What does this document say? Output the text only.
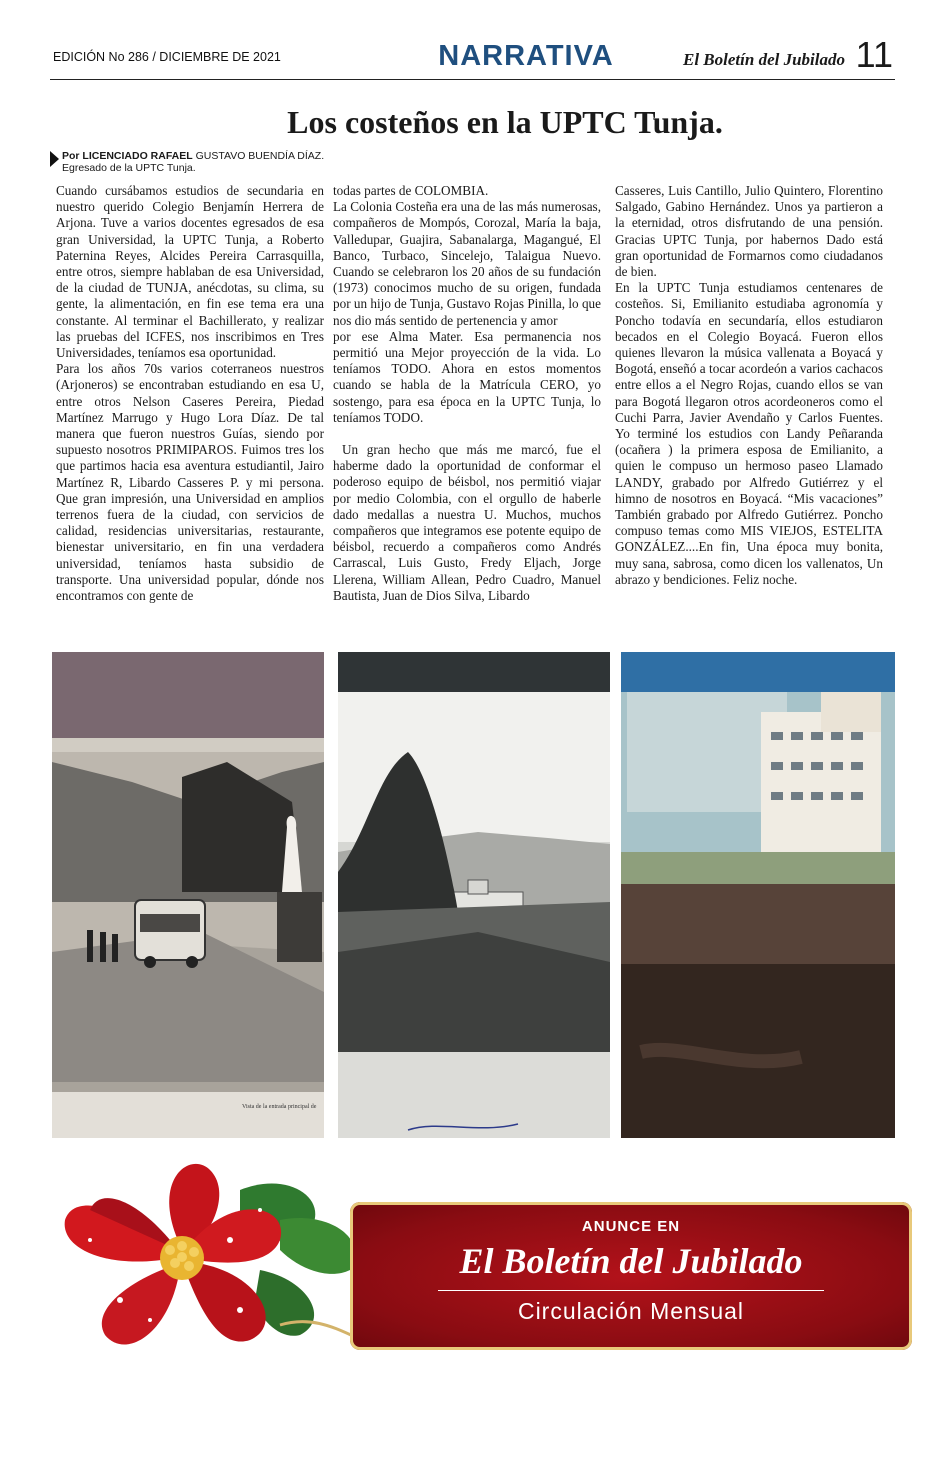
EDICIÓN No 286 / DICIEMBRE DE 2021	NARRATIVA	El Boletín del Jubilado 11
Los costeños en la UPTC Tunja.
Por LICENCIADO RAFAEL GUSTAVO BUENDÍA DÍAZ.
Egresado de la UPTC Tunja.

Cuando cursábamos estudios de secundaria en nuestro querido Colegio Benjamín Herrera de Arjona. Tuve a varios docentes egresados de esa gran Universidad, la UPTC Tunja, a Roberto Paternina Reyes, Alcides Pereira Carrasquilla, entre otros, siempre hablaban de esa Universidad, de la ciudad de TUNJA, anécdotas, su clima, su gente, la alimentación, en fin ese tema era una constante. Al terminar el Bachillerato, y realizar las pruebas del ICFES, nos inscribimos en Tres Universidades, teníamos esa oportunidad.

Para los años 70s varios coterraneos nuestros (Arjoneros) se encontraban estudiando en esa U, entre otros Nelson Caseres Pereira, Piedad Martínez Marrugo y Hugo Lora Díaz. De tal manera que fueron nuestros Guías, siendo por supuesto nosotros PRIMIPAROS. Fuimos tres los que partimos hacia esa aventura estudiantil, Jairo Martínez R, Libardo Casseres P. y mi persona. Que gran impresión, una Universidad en amplios terrenos fuera de la ciudad, con servicios de calidad, residencias universitarias, restaurante, bienestar universitario, en fin una verdadera universidad, teníamos hasta subsidio de transporte. Una universidad popular, dónde nos encontramos con gente de

todas partes de COLOMBIA.

La Colonia Costeña era una de las más numerosas, compañeros de Mompós, Corozal, María la baja, Valledupar, Guajira, Sabanalarga, Magangué, El Banco, Turbaco, Sincelejo, Talaigua Nuevo. Cuando se celebraron los 20 años de su fundación (1973) conocimos mucho de su origen, fundada por un hijo de Tunja, Gustavo Rojas Pinilla, lo que nos dio más sentido de pertenencia y amor

por ese Alma Mater. Esa permanencia nos permitió una Mejor proyección de la vida. Lo teníamos TODO. Ahora en estos momentos cuando se habla de la Matrícula CERO, yo sostengo, para esa época en la UPTC Tunja, lo teníamos TODO.

Un gran hecho que más me marcó, fue el haberme dado la oportunidad de conformar el poderoso equipo de béisbol, nos permitió viajar por medio Colombia, con el orgullo de haberle dado medallas a nuestra U. Muchos, muchos compañeros que integramos ese potente equipo de béisbol, recuerdo a compañeros como Andrés Carrascal, Luis Gusto, Fredy Eljach, Jorge Llerena, William Allean, Pedro Cuadro, Manuel Bautista, Juan de Dios Silva, Libardo

Casseres, Luis Cantillo, Julio Quintero, Florentino Salgado, Gabino Hernández. Unos ya partieron a la eternidad, otros disfrutando de una pensión. Gracias UPTC Tunja, por habernos Dado está gran oportunidad de Formarnos como ciudadanos de bien.

En la UPTC Tunja estudiamos centenares de costeños. Si, Emilianito estudiaba agronomía y Poncho todavía en secundaría, ellos estudiaron becados en el Colegio Boyacá. Fueron ellos quienes llevaron la música vallenata a Boyacá y Bogotá, enseñó a tocar acordeón a varios cachacos entre ellos a el Negro Rojas, cuando ellos se van para Bogotá llegaron otros acordeoneros como el Cuchi Parra, Javier Avendaño y Carlos Fuentes. Yo terminé los estudios con Landy Peñaranda (ocañera ) la primera esposa de Emilianito, a quien le compuso un hermoso paseo Llamado LANDY, grabado por Alfredo Gutiérrez y el himno de nosotros en Boyacá. “Mis vacaciones” También grabado por Alfredo Gutiérrez. Poncho compuso temas como MIS VIEJOS, ESTELITA GONZÁLEZ....En fin, Una época muy bonita, muy sana, sabrosa, como dicen los vallenatos, Un abrazo y bendiciones. Feliz noche.

Vista de la entrada principal de
ANUNCE EN
El Boletín del Jubilado
Circulación Mensual
